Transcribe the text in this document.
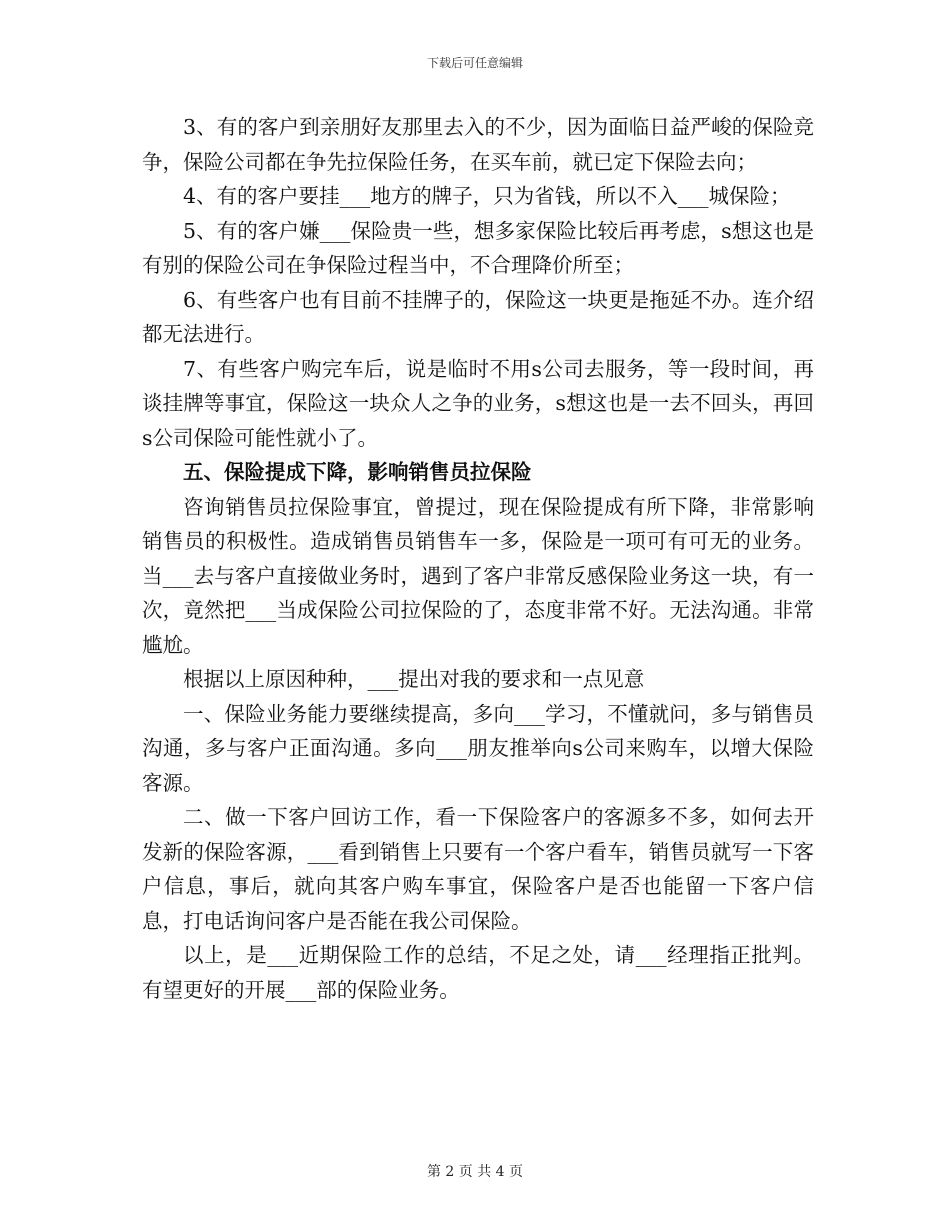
下载后可任意编辑

3、有的客户到亲朋好友那里去入的不少，因为面临日益严峻的保险竞争，保险公司都在争先拉保险任务，在买车前，就已定下保险去向；

4、有的客户要挂___地方的牌子，只为省钱，所以不入___城保险；

5、有的客户嫌___保险贵一些，想多家保险比较后再考虑，s想这也是有别的保险公司在争保险过程当中，不合理降价所至；

6、有些客户也有目前不挂牌子的，保险这一块更是拖延不办。连介绍都无法进行。

7、有些客户购完车后，说是临时不用s公司去服务，等一段时间，再谈挂牌等事宜，保险这一块众人之争的业务，s想这也是一去不回头，再回s公司保险可能性就小了。

五、保险提成下降，影响销售员拉保险

咨询销售员拉保险事宜，曾提过，现在保险提成有所下降，非常影响销售员的积极性。造成销售员销售车一多，保险是一项可有可无的业务。当___去与客户直接做业务时，遇到了客户非常反感保险业务这一块，有一次，竟然把___当成保险公司拉保险的了，态度非常不好。无法沟通。非常尴尬。

根据以上原因种种，___提出对我的要求和一点见意

一、保险业务能力要继续提高，多向___学习，不懂就问，多与销售员沟通，多与客户正面沟通。多向___朋友推举向s公司来购车，以增大保险客源。

二、做一下客户回访工作，看一下保险客户的客源多不多，如何去开发新的保险客源，___看到销售上只要有一个客户看车，销售员就写一下客户信息，事后，就向其客户购车事宜，保险客户是否也能留一下客户信息，打电话询问客户是否能在我公司保险。

以上，是___近期保险工作的总结，不足之处，请___经理指正批判。有望更好的开展___部的保险业务。

第 2 页 共 4 页
